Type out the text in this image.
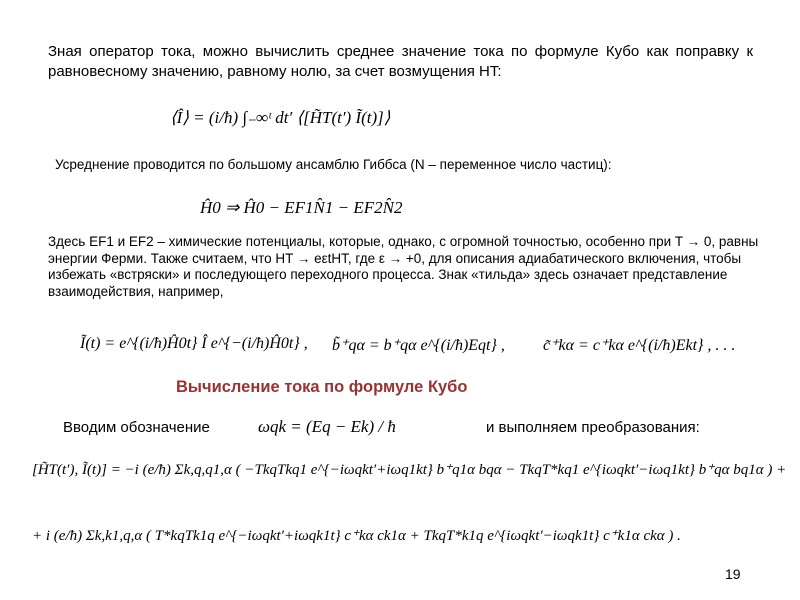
Зная оператор тока, можно вычислить среднее значение тока по формуле Кубо как поправку к равновесному значению, равному нолю, за счет возмущения HT:
⟨Î⟩ = (i/ħ) ∫₋∞ᵗ dt′ ⟨[H̃T(t′) Ĩ(t)]⟩
Усреднение проводится по большому ансамблю Гиббса (N – переменное число частиц):
Ĥ0 ⇒ Ĥ0 − EF1N̂1 − EF2N̂2
Здесь EF1 и EF2 – химические потенциалы, которые, однако, с огромной точностью, особенно при T → 0, равны энергии Ферми. Также считаем, что HT → eεtHT, где ε → +0, для описания адиабатического включения, чтобы избежать «встряски» и последующего переходного процесса. Знак «тильда» здесь означает представление взаимодействия, например,
Ĩ(t) = e^{(i/ħ)Ĥ0t} Î e^{−(i/ħ)Ĥ0t} , b̃⁺qα = b⁺qα e^{(i/ħ)Eqt} , c̃⁺kα = c⁺kα e^{(i/ħ)Ekt} , . . .
Вычисление тока по формуле Кубо
Вводим обозначение	ωqk = (Eq − Ek) / ħ	и выполняем преобразования:
[H̃T(t′), Ĩ(t)] = −i (e/ħ) Σk,q,q1,α ( −TkqTkq1 e^{−iωqkt′+iωq1kt} b⁺q1α bqα − TkqT*kq1 e^{iωqkt′−iωq1kt} b⁺qα bq1α ) +
+ i (e/ħ) Σk,k1,q,α ( T*kqTk1q e^{−iωqkt′+iωqk1t} c⁺kα ck1α + TkqT*k1q e^{iωqkt′−iωqk1t} c⁺k1α ckα ) .
19
